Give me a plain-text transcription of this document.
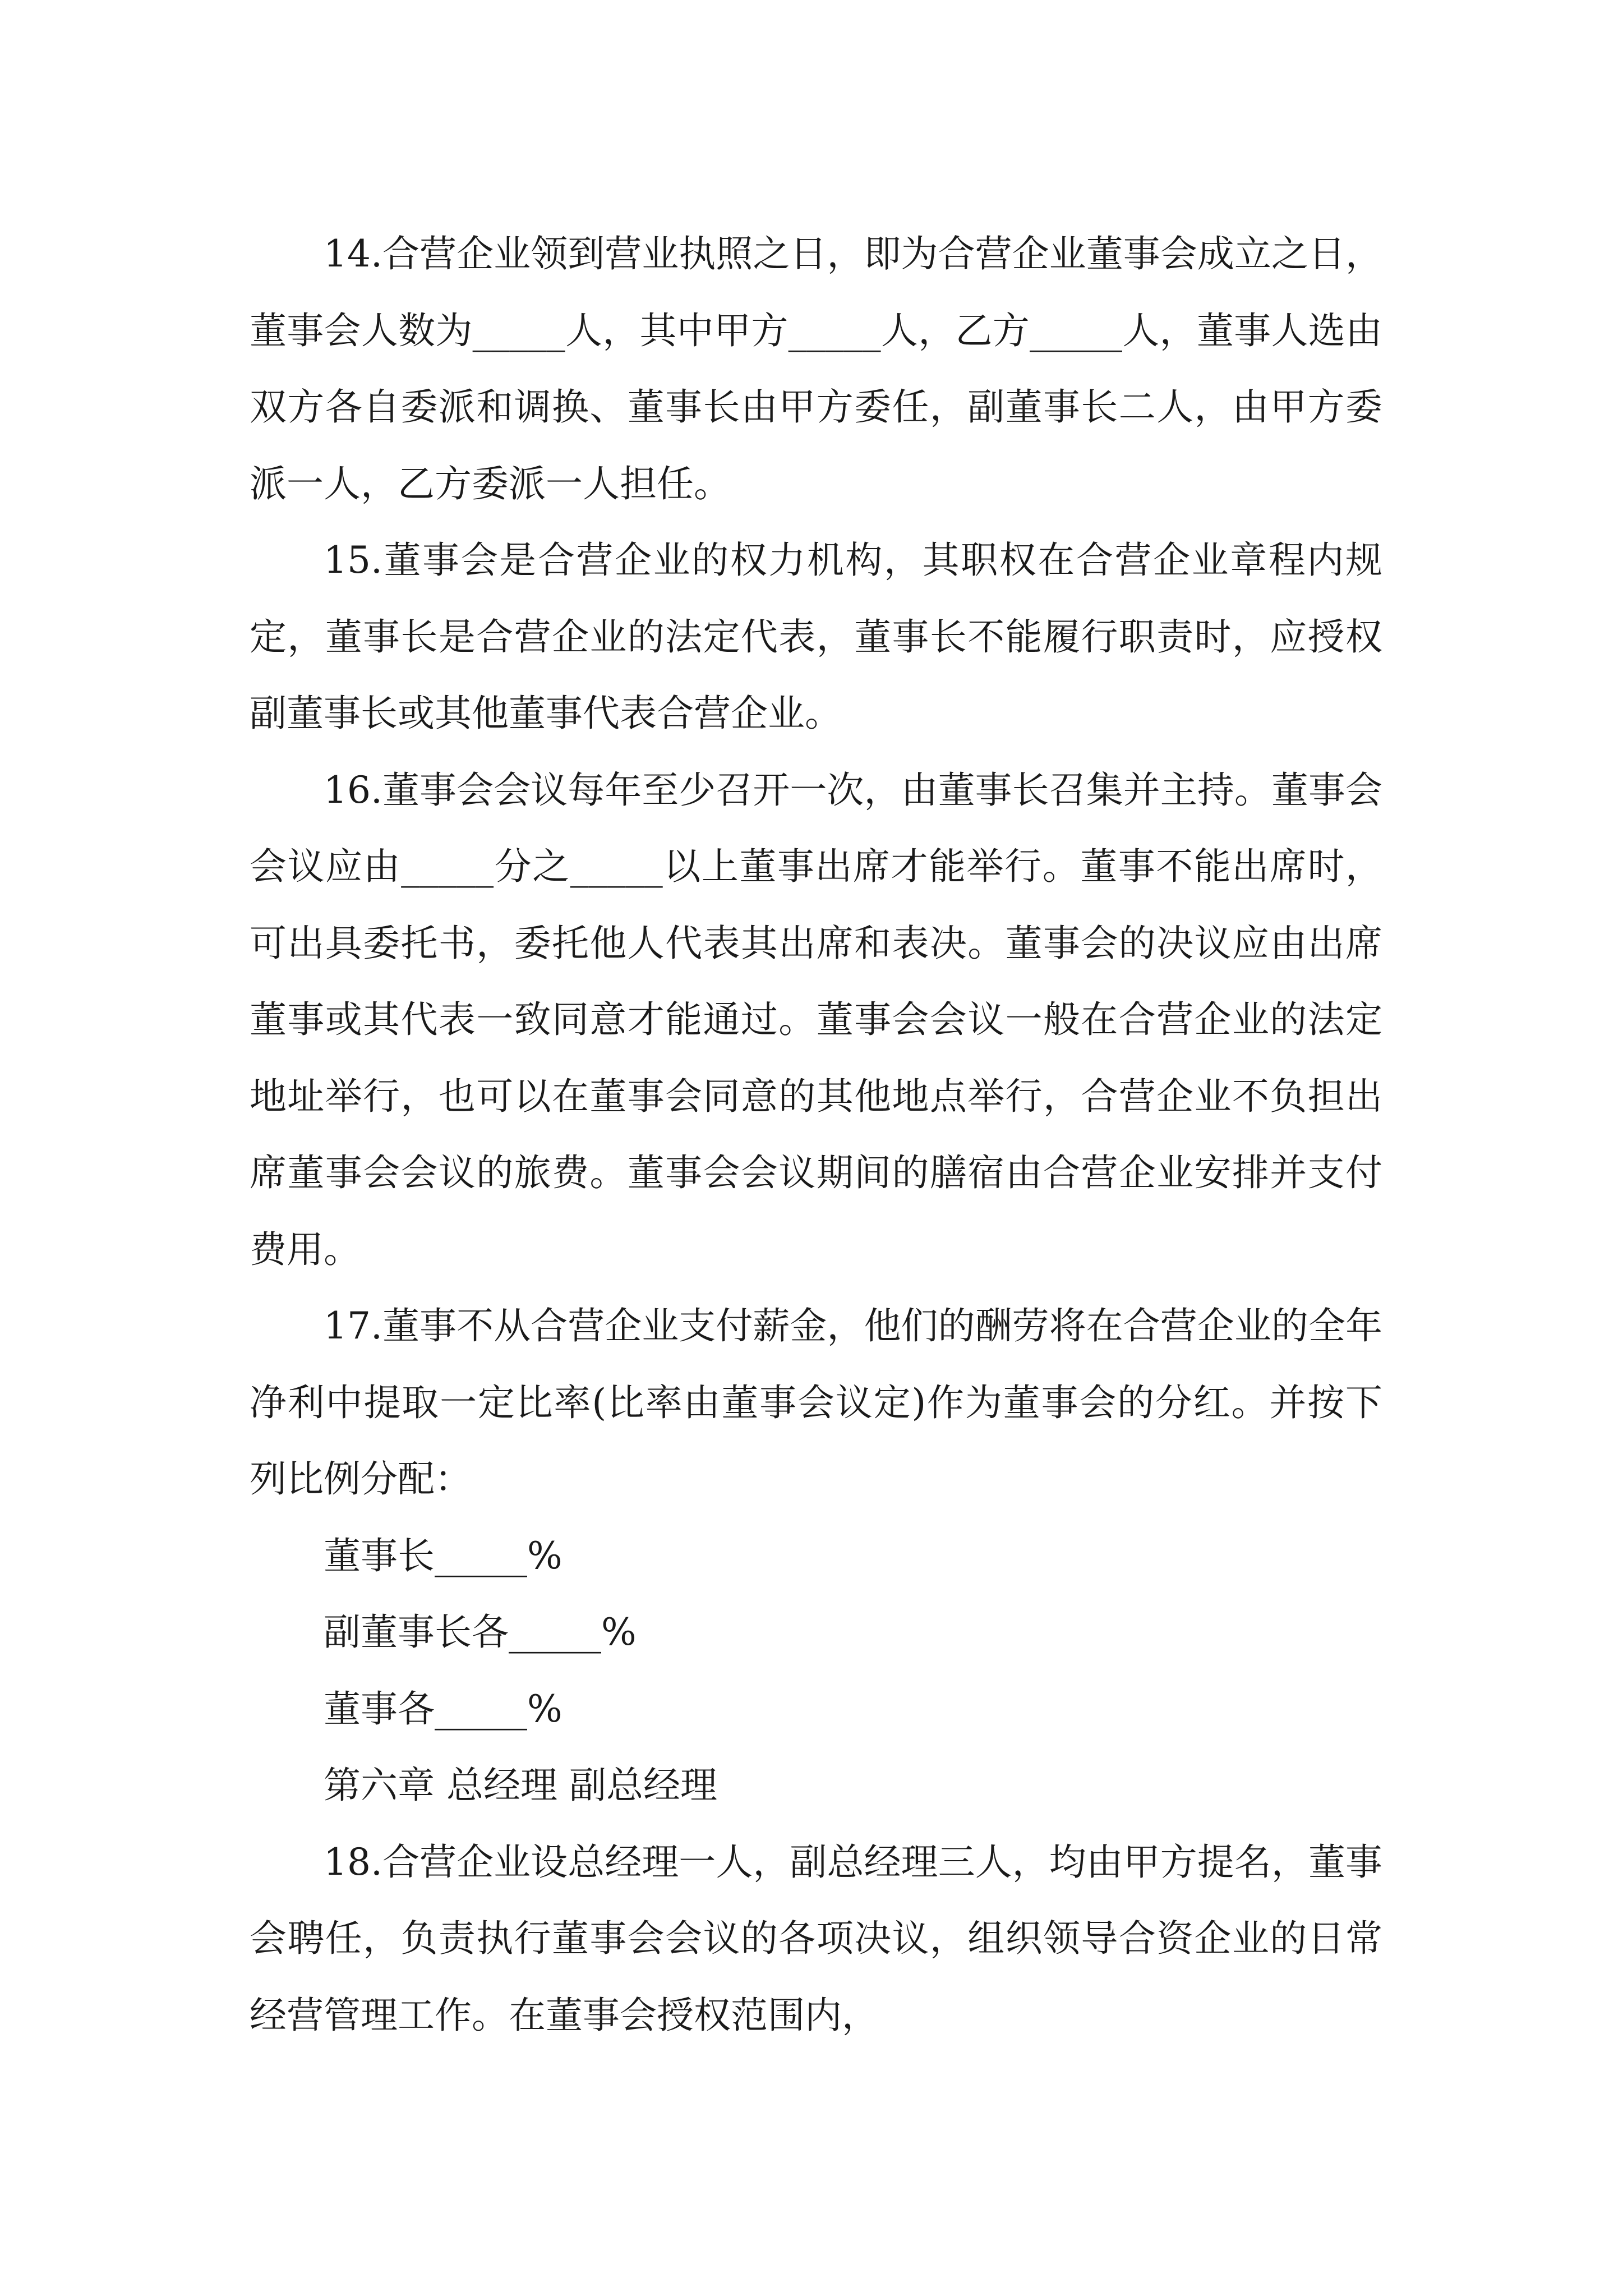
14.合营企业领到营业执照之日，即为合营企业董事会成立之日，董事会人数为_____人，其中甲方_____人，乙方_____人，董事人选由双方各自委派和调换、董事长由甲方委任，副董事长二人，由甲方委派一人，乙方委派一人担任。

15.董事会是合营企业的权力机构，其职权在合营企业章程内规定，董事长是合营企业的法定代表，董事长不能履行职责时，应授权副董事长或其他董事代表合营企业。

16.董事会会议每年至少召开一次，由董事长召集并主持。董事会会议应由_____分之_____以上董事出席才能举行。董事不能出席时，可出具委托书，委托他人代表其出席和表决。董事会的决议应由出席董事或其代表一致同意才能通过。董事会会议一般在合营企业的法定地址举行，也可以在董事会同意的其他地点举行，合营企业不负担出席董事会会议的旅费。董事会会议期间的膳宿由合营企业安排并支付费用。

17.董事不从合营企业支付薪金，他们的酬劳将在合营企业的全年净利中提取一定比率(比率由董事会议定)作为董事会的分红。并按下列比例分配：

董事长_____%

副董事长各_____%

董事各_____%

第六章 总经理 副总经理

18.合营企业设总经理一人，副总经理三人，均由甲方提名，董事会聘任，负责执行董事会会议的各项决议，组织领导合资企业的日常经营管理工作。在董事会授权范围内，
